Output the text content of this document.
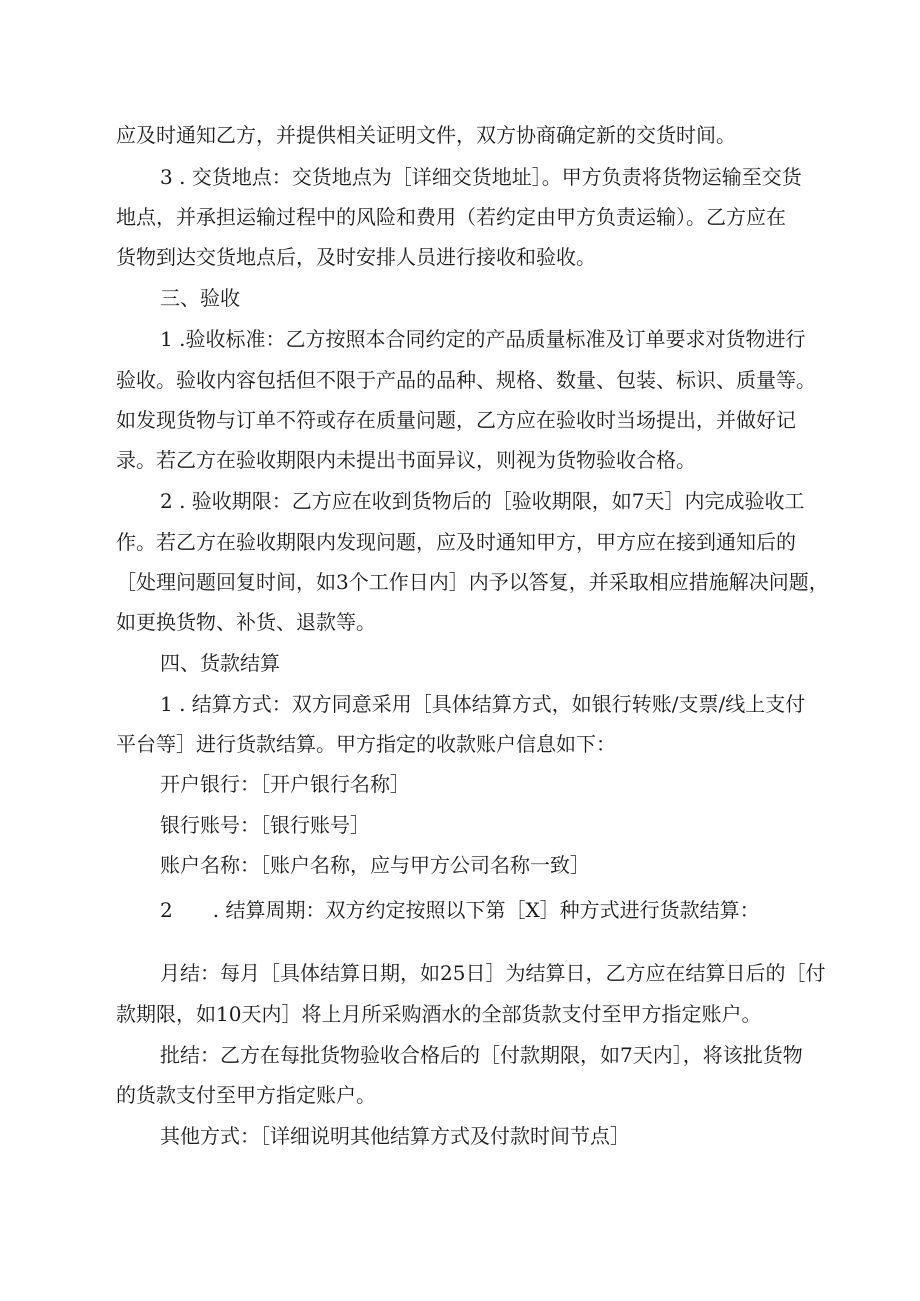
应及时通知乙方，并提供相关证明文件，双方协商确定新的交货时间。
3 . 交货地点：交货地点为［详细交货地址］。甲方负责将货物运输至交货
地点，并承担运输过程中的风险和费用（若约定由甲方负责运输）。乙方应在
货物到达交货地点后，及时安排人员进行接收和验收。
三、验收
1 .验收标准：乙方按照本合同约定的产品质量标准及订单要求对货物进行
验收。验收内容包括但不限于产品的品种、规格、数量、包装、标识、质量等。
如发现货物与订单不符或存在质量问题，乙方应在验收时当场提出，并做好记
录。若乙方在验收期限内未提出书面异议，则视为货物验收合格。
2 . 验收期限：乙方应在收到货物后的［验收期限，如7天］内完成验收工
作。若乙方在验收期限内发现问题，应及时通知甲方，甲方应在接到通知后的
［处理问题回复时间，如3个工作日内］内予以答复，并采取相应措施解决问题，
如更换货物、补货、退款等。
四、货款结算
1 . 结算方式：双方同意采用［具体结算方式，如银行转账/支票/线上支付
平台等］进行货款结算。甲方指定的收款账户信息如下：
开户银行：［开户银行名称］
银行账号：［银行账号］
账户名称：［账户名称，应与甲方公司名称一致］
2　　. 结算周期：双方约定按照以下第［X］种方式进行货款结算：
月结：每月［具体结算日期，如25日］为结算日，乙方应在结算日后的［付
款期限，如10天内］将上月所采购酒水的全部货款支付至甲方指定账户。
批结：乙方在每批货物验收合格后的［付款期限，如7天内］，将该批货物
的货款支付至甲方指定账户。
其他方式：［详细说明其他结算方式及付款时间节点］
